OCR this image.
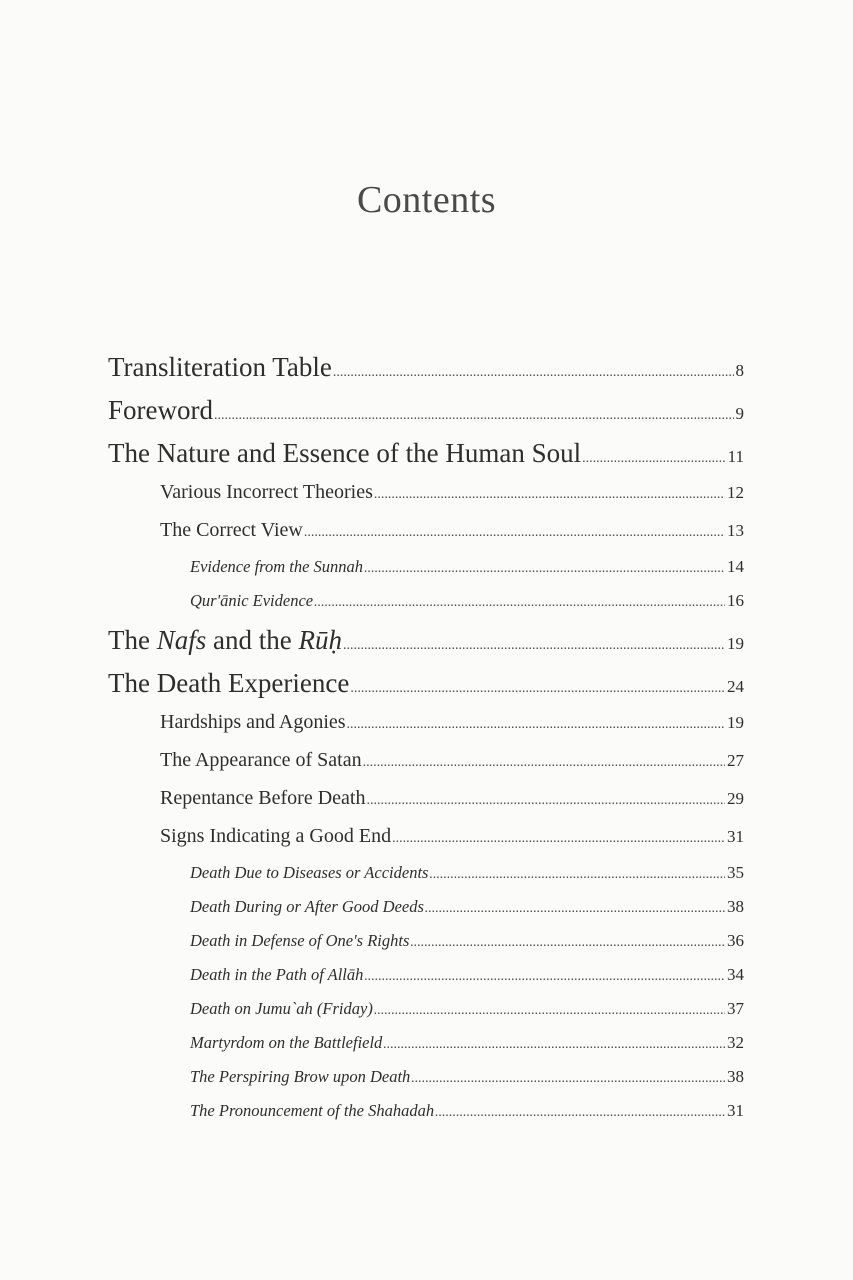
Contents
Transliteration Table .....	8
Foreword .....	9
The Nature and Essence of the Human Soul .....	11
Various Incorrect Theories .....	12
The Correct View .....	13
Evidence from the Sunnah .....	14
Qur'ānic Evidence .....	16
The Nafs and the Rūḥ .....	19
The Death Experience .....	24
Hardships and Agonies .....	19
The Appearance of Satan .....	27
Repentance Before Death .....	29
Signs Indicating a Good End .....	31
Death Due to Diseases or Accidents .....	35
Death During or After Good Deeds .....	38
Death in Defense of One's Rights .....	36
Death in the Path of Allāh .....	34
Death on Jumu`ah (Friday) .....	37
Martyrdom on the Battlefield .....	32
The Perspiring Brow upon Death .....	38
The Pronouncement of the Shahadah .....	31
